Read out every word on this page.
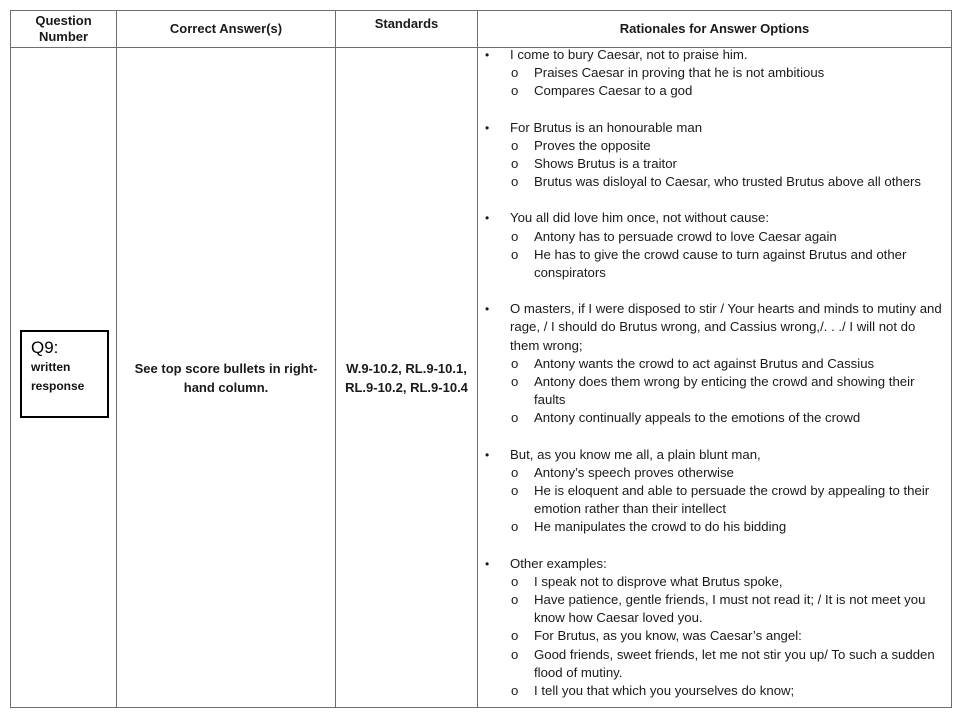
Question Number
Correct Answer(s)	Standards	Rationales for Answer Options
See top score bullets in right-hand column.
W.9-10.2, RL.9-10.1, RL.9-10.2, RL.9-10.4
Q9:
written response
• I come to bury Caesar, not to praise him.
o Praises Caesar in proving that he is not ambitious
o Compares Caesar to a god
• For Brutus is an honourable man
o Proves the opposite
o Shows Brutus is a traitor
o Brutus was disloyal to Caesar, who trusted Brutus above all others
• You all did love him once, not without cause:
o Antony has to persuade crowd to love Caesar again
o He has to give the crowd cause to turn against Brutus and other conspirators
• O masters, if I were disposed to stir / Your hearts and minds to mutiny and rage, / I should do Brutus wrong, and Cassius wrong,/. . ./ I will not do them wrong;
o Antony wants the crowd to act against Brutus and Cassius
o Antony does them wrong by enticing the crowd and showing their faults
o Antony continually appeals to the emotions of the crowd
• But, as you know me all, a plain blunt man,
o Antony’s speech proves otherwise
o He is eloquent and able to persuade the crowd by appealing to their emotion rather than their intellect
o He manipulates the crowd to do his bidding
• Other examples:
o I speak not to disprove what Brutus spoke,
o Have patience, gentle friends, I must not read it; / It is not meet you know how Caesar loved you.
o For Brutus, as you know, was Caesar’s angel:
o Good friends, sweet friends, let me not stir you up/ To such a sudden flood of mutiny.
o I tell you that which you yourselves do know;
